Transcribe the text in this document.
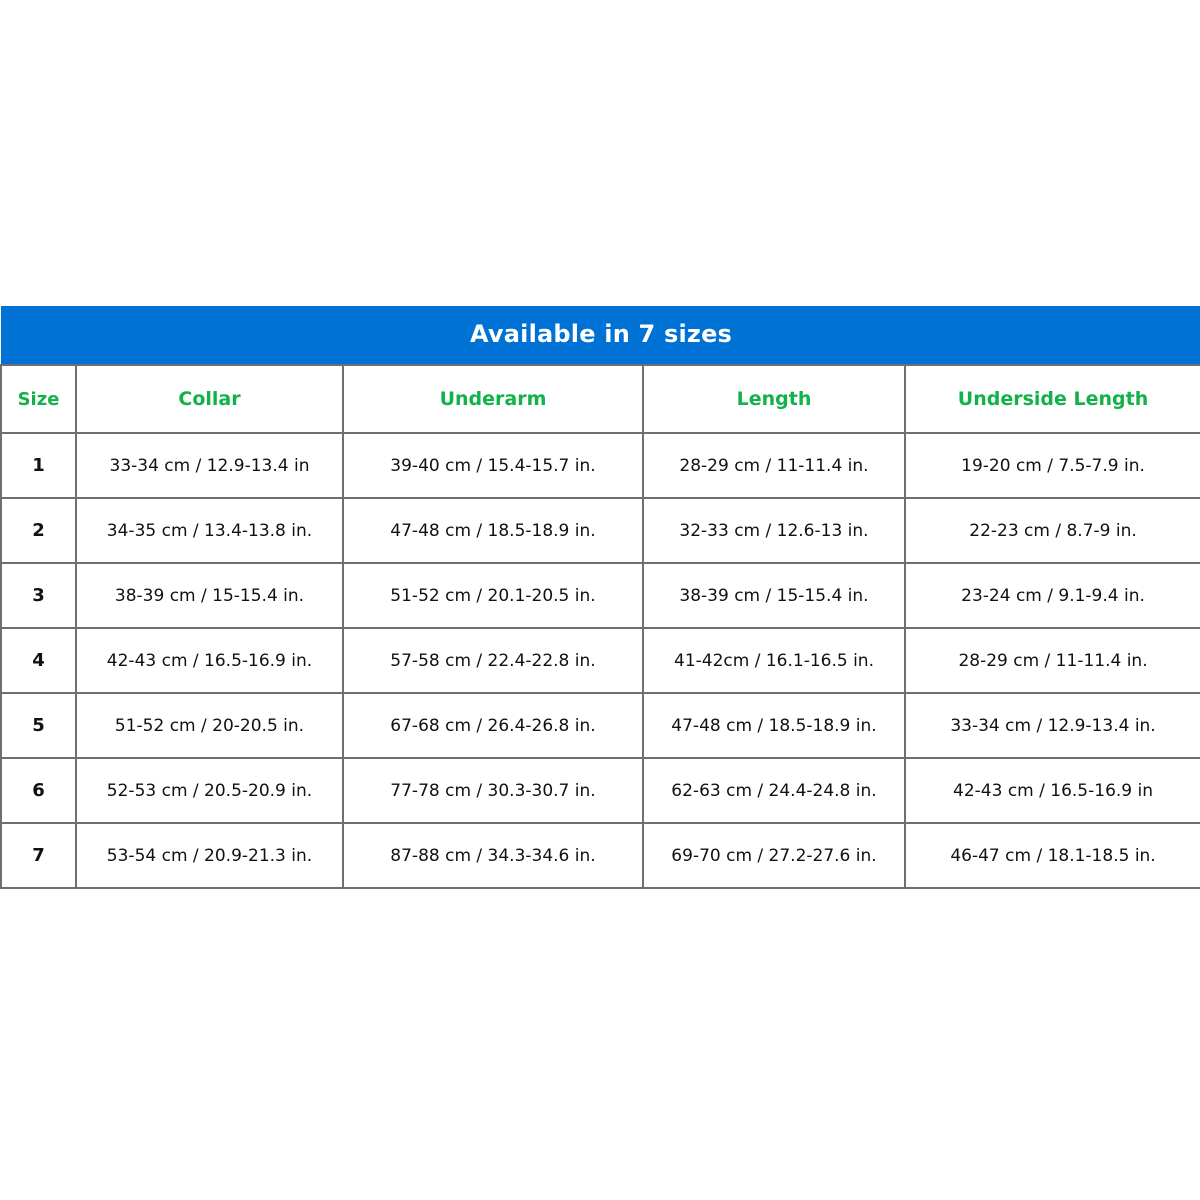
Available in 7 sizes				
Size	Collar	Underarm	Length	Underside Length
1	33-34 cm / 12.9-13.4 in	39-40 cm / 15.4-15.7 in.	28-29 cm / 11-11.4 in.	19-20 cm / 7.5-7.9 in.
2	34-35 cm / 13.4-13.8 in.	47-48 cm / 18.5-18.9 in.	32-33 cm / 12.6-13 in.	22-23 cm / 8.7-9 in.
3	38-39 cm / 15-15.4 in.	51-52 cm / 20.1-20.5 in.	38-39 cm / 15-15.4 in.	23-24 cm / 9.1-9.4 in.
4	42-43 cm / 16.5-16.9 in.	57-58 cm / 22.4-22.8 in.	41-42cm / 16.1-16.5 in.	28-29 cm / 11-11.4 in.
5	51-52 cm / 20-20.5 in.	67-68 cm / 26.4-26.8 in.	47-48 cm / 18.5-18.9 in.	33-34 cm / 12.9-13.4 in.
6	52-53 cm / 20.5-20.9 in.	77-78 cm / 30.3-30.7 in.	62-63 cm / 24.4-24.8 in.	42-43 cm / 16.5-16.9 in
7	53-54 cm / 20.9-21.3 in.	87-88 cm / 34.3-34.6 in.	69-70 cm / 27.2-27.6 in.	46-47 cm / 18.1-18.5 in.
